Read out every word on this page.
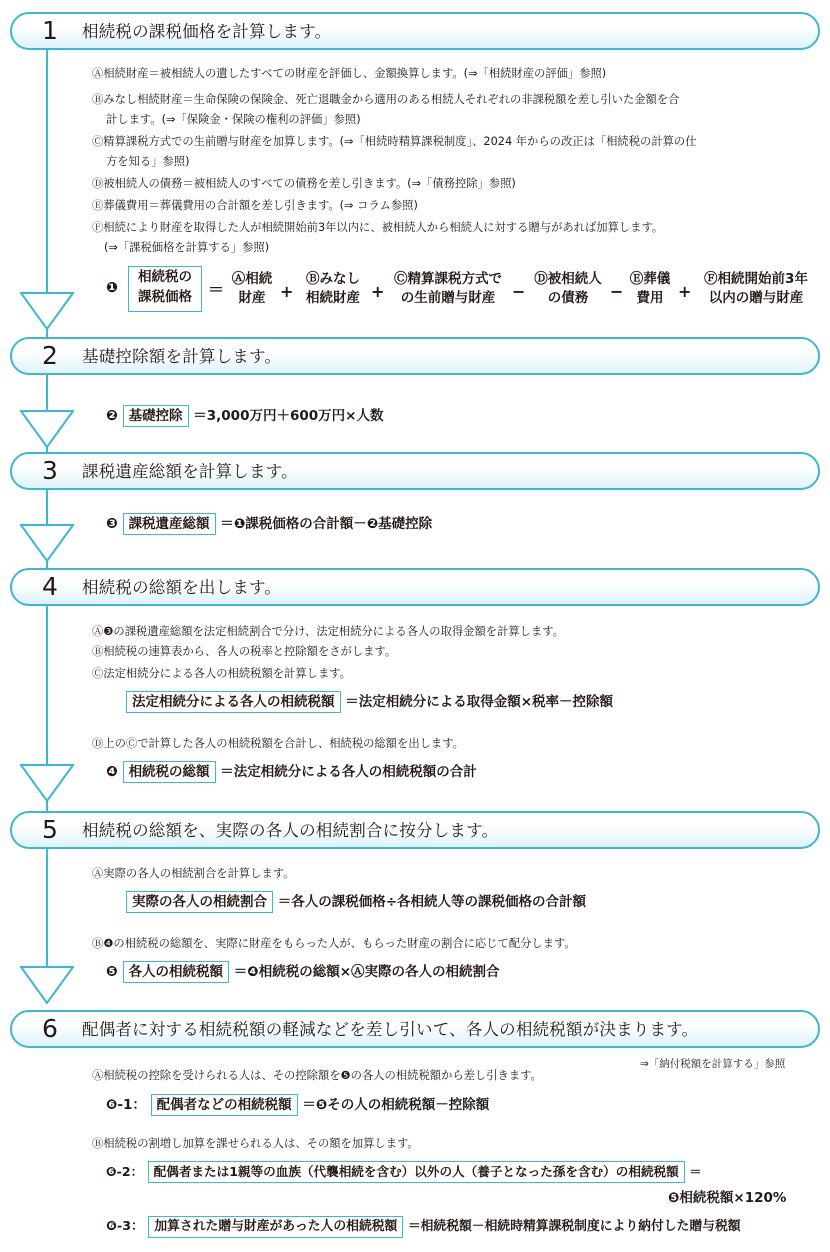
1 相続税の課税価格を計算します。
Ⓐ相続財産＝被相続人の遺したすべての財産を評価し、金額換算します。(⇒「相続財産の評価」参照)
Ⓑみなし相続財産＝生命保険の保険金、死亡退職金から適用のある相続人それぞれの非課税額を差し引いた金額を合
計します。(⇒「保険金・保険の権利の評価」参照)
Ⓒ精算課税方式での生前贈与財産を加算します。(⇒「相続時精算課税制度」、2024 年からの改正は「相続税の計算の仕
方を知る」参照)
Ⓓ被相続人の債務＝被相続人のすべての債務を差し引きます。(⇒「債務控除」参照)
Ⓔ葬儀費用＝葬儀費用の合計額を差し引きます。(⇒ コラム参照)
Ⓕ相続により財産を取得した人が相続開始前3年以内に、被相続人から相続人に対する贈与があれば加算します。
(⇒「課税価格を計算する」参照)
❶
相続税の
課税価格	＝
Ⓐ相続
財産 +
Ⓑみなし
相続財産 +
Ⓒ精算課税方式で
の生前贈与財産	−
Ⓓ被相続人
の債務	−
Ⓔ葬儀
費用 +
Ⓕ相続開始前3年
以内の贈与財産
2 基礎控除額を計算します。
❷ 基礎控除 ＝3,000万円＋600万円×人数
3 課税遺産総額を計算します。
❸ 課税遺産総額 ＝❶課税価格の合計額－❷基礎控除
4 相続税の総額を出します。
Ⓐ❸の課税遺産総額を法定相続割合で分け、法定相続分による各人の取得金額を計算します。
Ⓑ相続税の速算表から、各人の税率と控除額をさがします。
Ⓒ法定相続分による各人の相続税額を計算します。
法定相続分による各人の相続税額 ＝法定相続分による取得金額×税率－控除額
Ⓓ上のⒸで計算した各人の相続税額を合計し、相続税の総額を出します。
❹ 相続税の総額 ＝法定相続分による各人の相続税額の合計
5 相続税の総額を、実際の各人の相続割合に按分します。
Ⓐ実際の各人の相続割合を計算します。
実際の各人の相続割合 ＝各人の課税価格÷各相続人等の課税価格の合計額
Ⓑ❹の相続税の総額を、実際に財産をもらった人が、もらった財産の割合に応じて配分します。
❺ 各人の相続税額 ＝❹相続税の総額×Ⓐ実際の各人の相続割合
6 配偶者に対する相続税額の軽減などを差し引いて、各人の相続税額が決まります。
⇒「納付税額を計算する」参照
Ⓐ相続税の控除を受けられる人は、その控除額を❺の各人の相続税額から差し引きます。
❻-1： 配偶者などの相続税額 ＝❺その人の相続税額－控除額
Ⓑ相続税の割増し加算を課せられる人は、その額を加算します。
❻-2： 配偶者または1親等の血族（代襲相続を含む）以外の人（養子となった孫を含む）の相続税額 ＝
❺相続税額×120%
❻-3： 加算された贈与財産があった人の相続税額 ＝相続税額－相続時精算課税制度により納付した贈与税額
